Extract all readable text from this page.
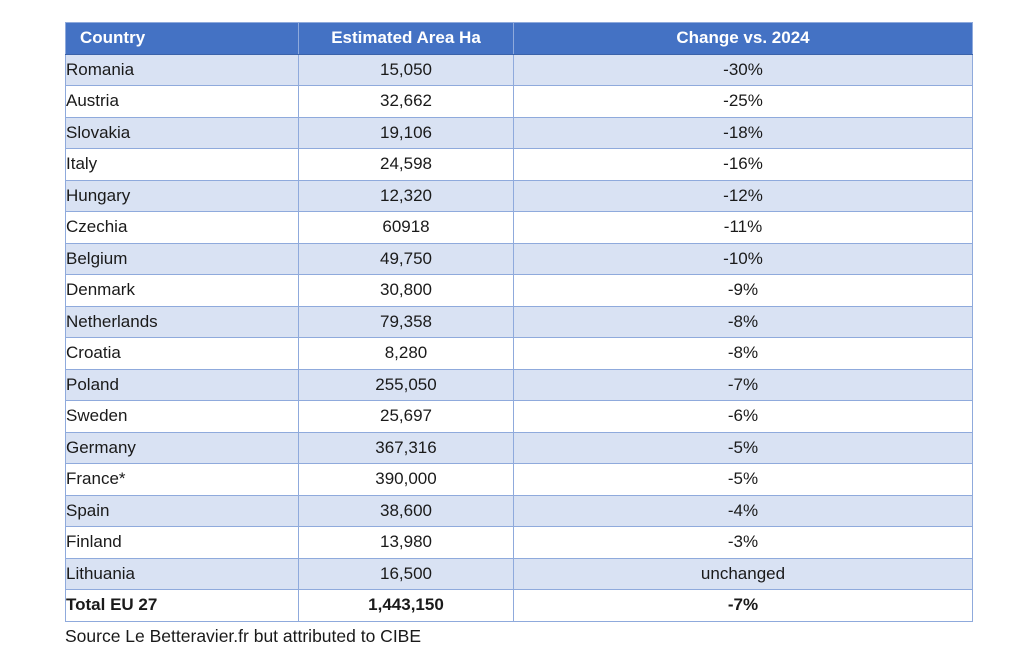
Country	Estimated Area Ha	Change vs. 2024
Romania	15,050	-30%
Austria	32,662	-25%
Slovakia	19,106	-18%
Italy	24,598	-16%
Hungary	12,320	-12%
Czechia	60918	-11%
Belgium	49,750	-10%
Denmark	30,800	-9%
Netherlands	79,358	-8%
Croatia	8,280	-8%
Poland	255,050	-7%
Sweden	25,697	-6%
Germany	367,316	-5%
France*	390,000	-5%
Spain	38,600	-4%
Finland	13,980	-3%
Lithuania	16,500	unchanged
Total EU 27	1,443,150	-7%
Source Le Betteravier.fr but attributed to CIBE
